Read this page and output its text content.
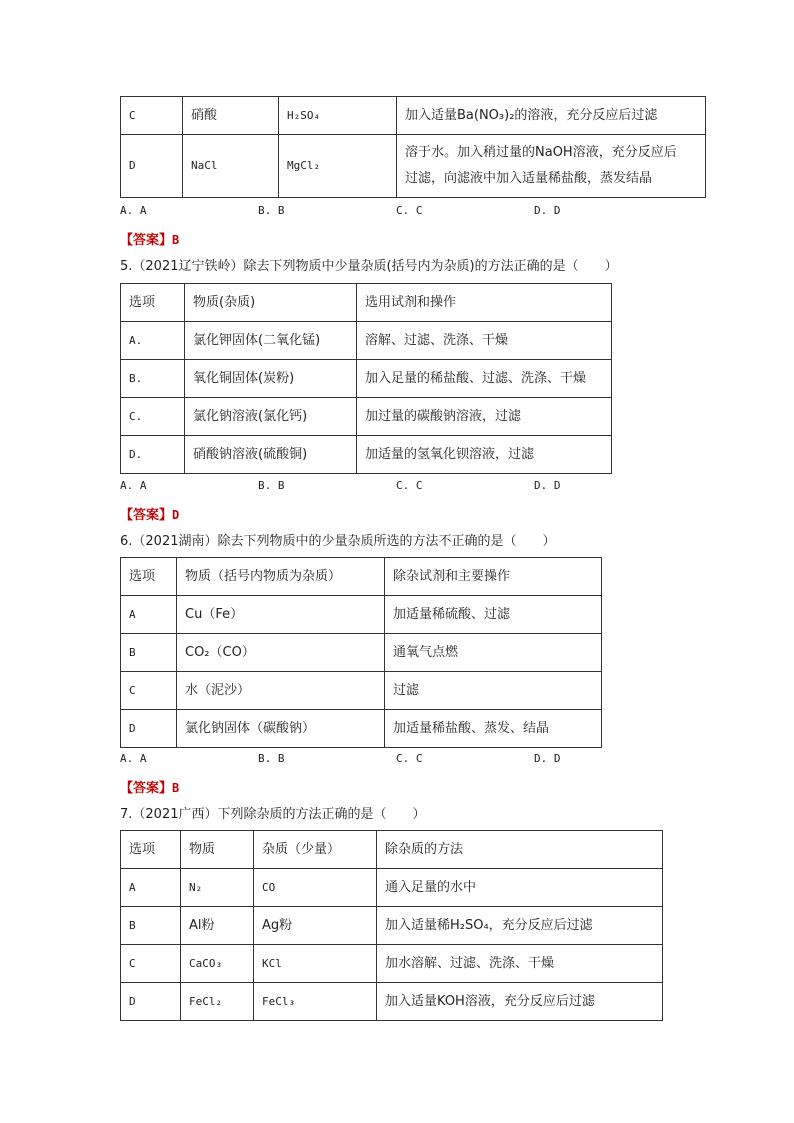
C	硝酸	H₂SO₄	加入适量Ba(NO₃)₂的溶液，充分反应后过滤
D	NaCl	MgCl₂	溶于水。加入稍过量的NaOH溶液，充分反应后
过滤，向滤液中加入适量稀盐酸，蒸发结晶
A. A	B. B	C. C	D. D
【答案】B
5.（2021辽宁铁岭）除去下列物质中少量杂质(括号内为杂质)的方法正确的是（　　）
选项	物质(杂质)	选用试剂和操作
A.	氯化钾固体(二氧化锰)	溶解、过滤、洗涤、干燥
B.	氧化铜固体(炭粉)	加入足量的稀盐酸、过滤、洗涤、干燥
C.	氯化钠溶液(氯化钙)	加过量的碳酸钠溶液，过滤
D.	硝酸钠溶液(硫酸铜)	加适量的氢氧化钡溶液，过滤
A. A	B. B	C. C	D. D
【答案】D
6.（2021湖南）除去下列物质中的少量杂质所选的方法不正确的是（　　）
选项	物质（括号内物质为杂质）	除杂试剂和主要操作
A	Cu（Fe）	加适量稀硫酸、过滤
B	CO₂（CO）	通氧气点燃
C	水（泥沙）	过滤
D	氯化钠固体（碳酸钠）	加适量稀盐酸、蒸发、结晶
A. A	B. B	C. C	D. D
【答案】B
7.（2021广西）下列除杂质的方法正确的是（　　）
选项	物质	杂质（少量）	除杂质的方法
A	N₂	CO	通入足量的水中
B	Al粉	Ag粉	加入适量稀H₂SO₄，充分反应后过滤
C	CaCO₃	KCl	加水溶解、过滤、洗涤、干燥
D	FeCl₂	FeCl₃	加入适量KOH溶液，充分反应后过滤
